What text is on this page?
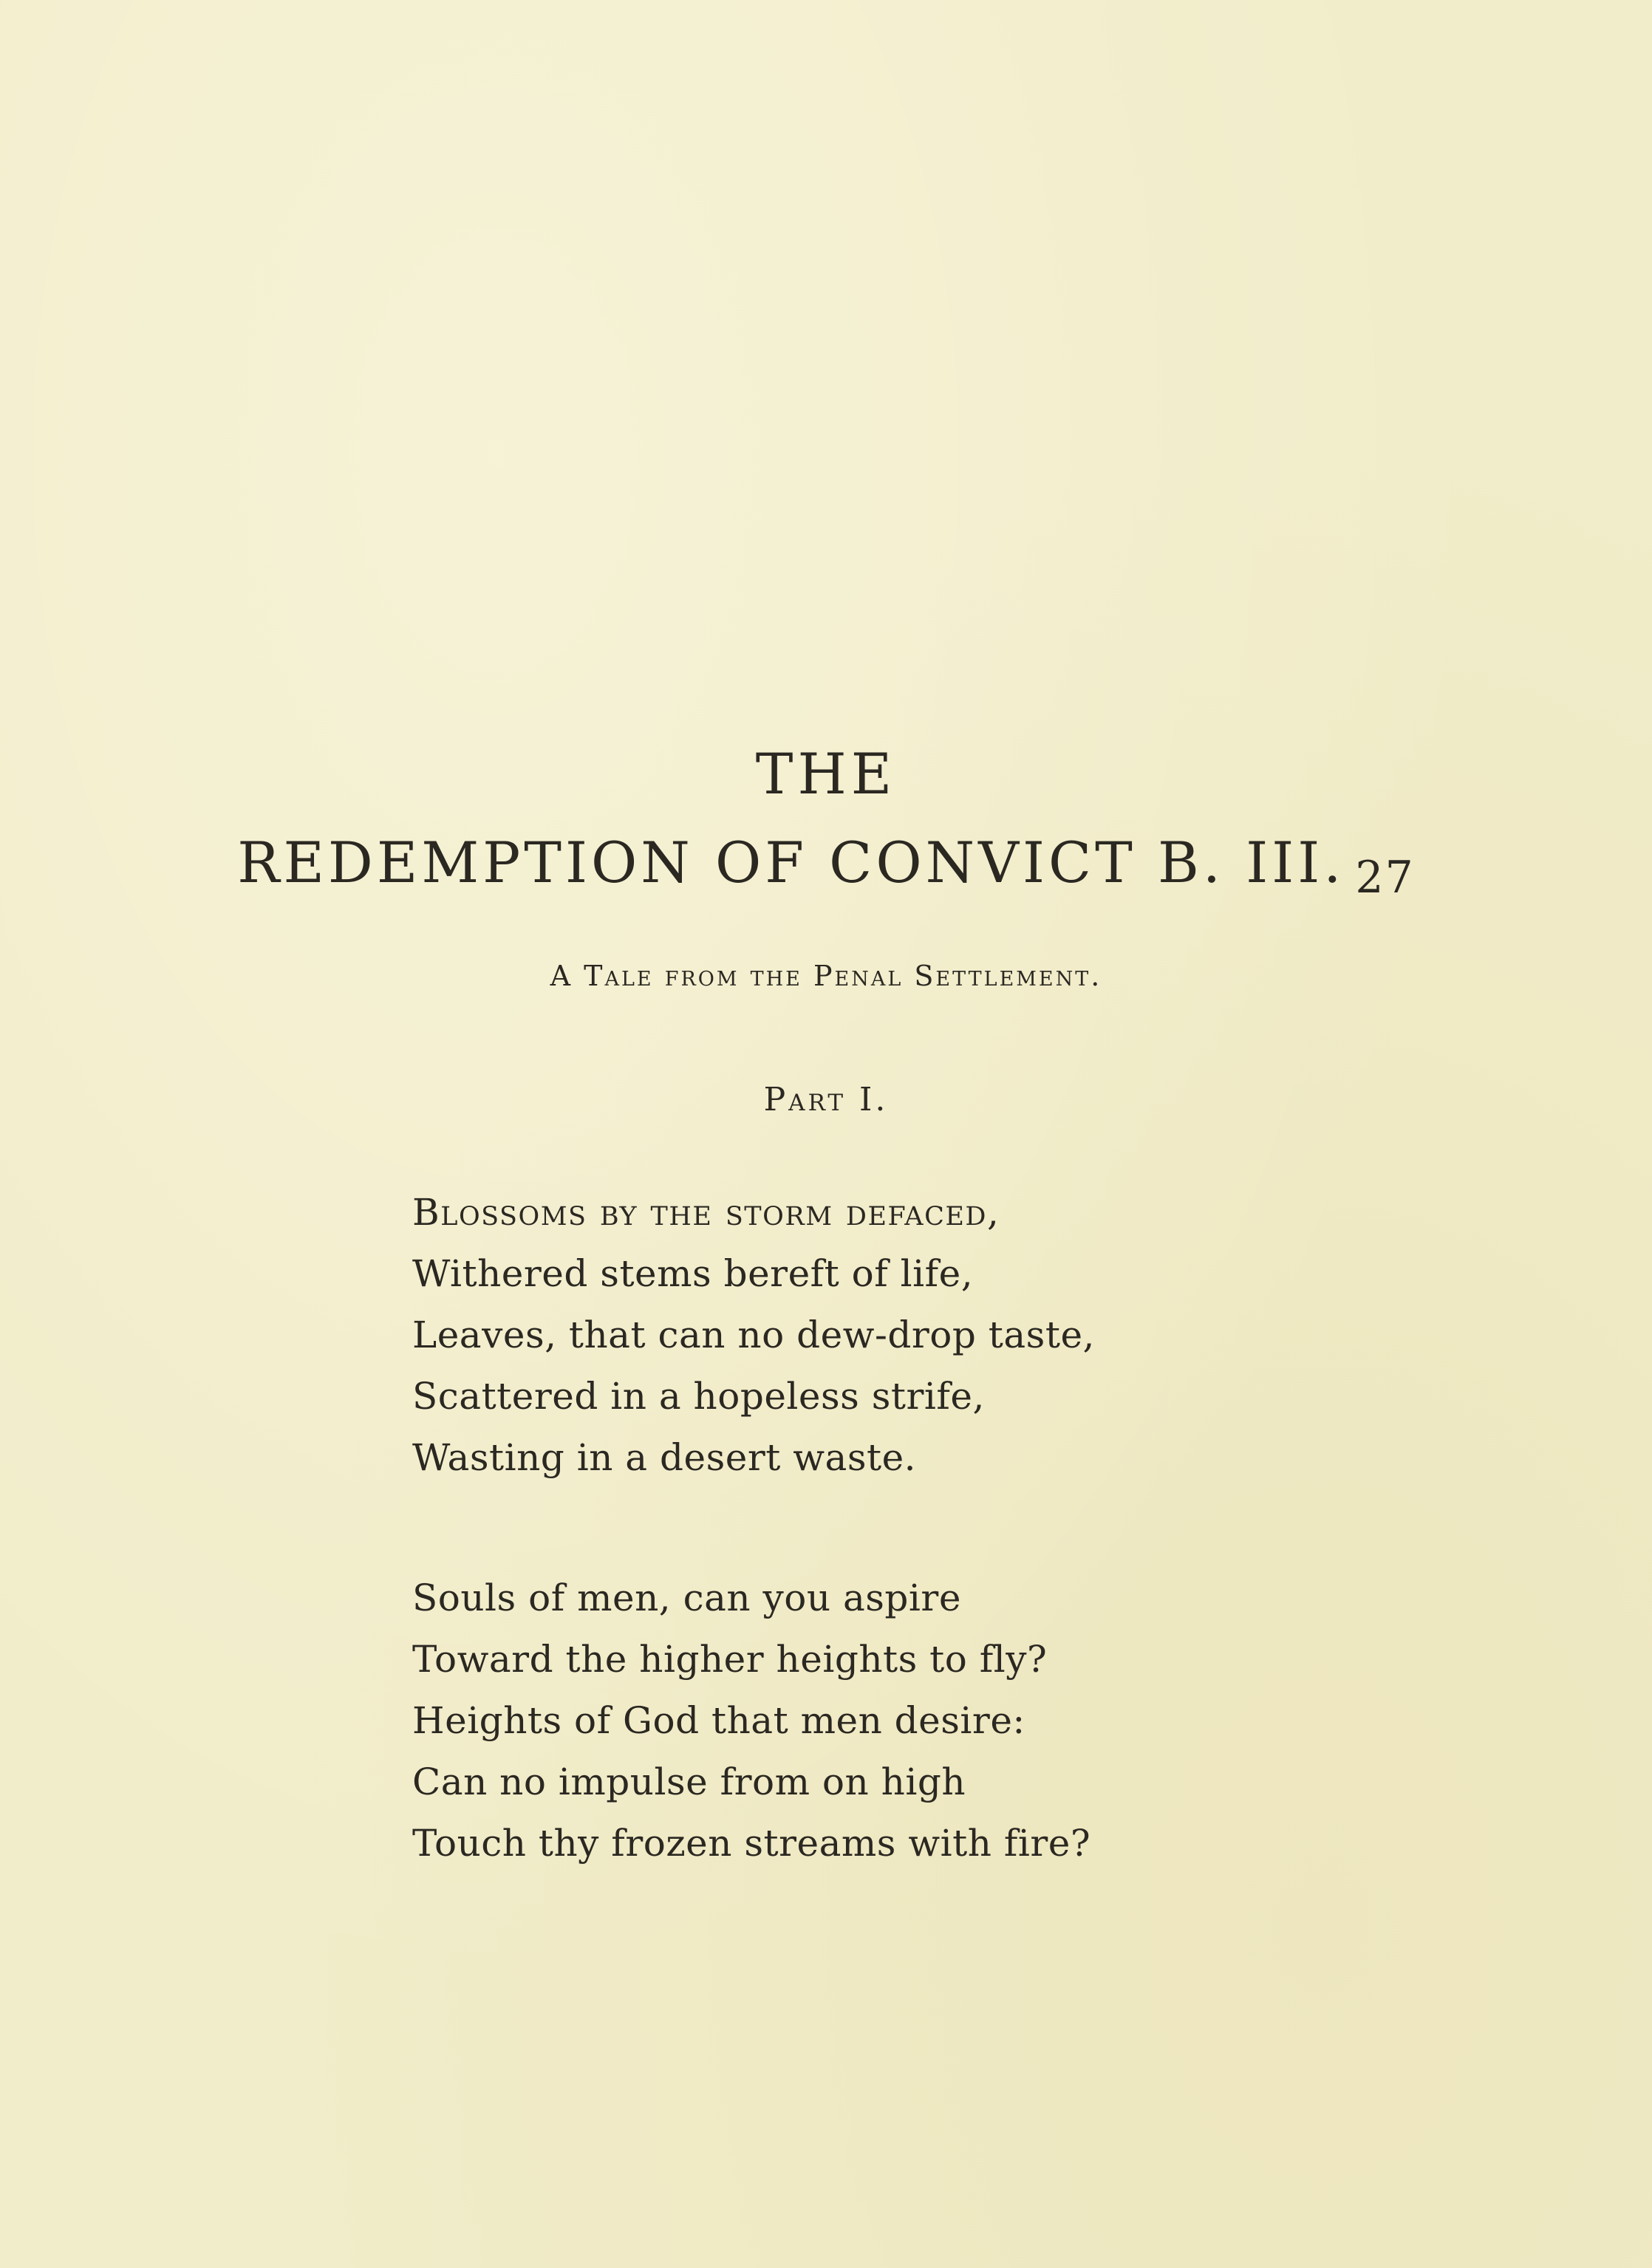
THE
REDEMPTION OF CONVICT B. III. 27

A Tale from the Penal Settlement.

Part I.

Blossoms by the storm defaced,
Withered stems bereft of life,
Leaves, that can no dew-drop taste,
Scattered in a hopeless strife,
Wasting in a desert waste.
Souls of men, can you aspire
Toward the higher heights to fly?
Heights of God that men desire:
Can no impulse from on high
Touch thy frozen streams with fire?
